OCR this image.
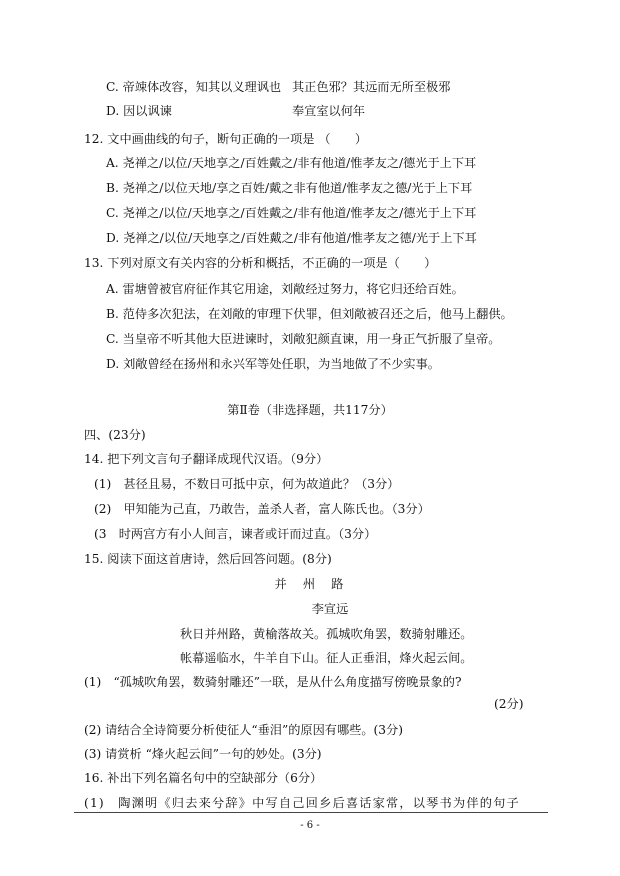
C. 帝竦体改容，知其以义理讽也 其正色邪？其远而无所至极邪
D. 因以讽谏	奉宣室以何年
12. 文中画曲线的句子，断句正确的一项是 （　　）
A. 尧禅之/以位/天地享之/百姓戴之/非有他道/惟孝友之/德光于上下耳
B. 尧禅之/以位天地/享之百姓/戴之非有他道/惟孝友之德/光于上下耳
C. 尧禅之/以位/天地享之/百姓戴之/非有他道/惟孝友之/德光于上下耳
D. 尧禅之/以位/天地享之/百姓戴之/非有他道/惟孝友之德/光于上下耳
13. 下列对原文有关内容的分析和概括，不正确的一项是（　　）
A. 雷塘曾被官府征作其它用途，刘敞经过努力，将它归还给百姓。
B. 范侍多次犯法，在刘敞的审理下伏罪，但刘敞被召还之后，他马上翻供。
C. 当皇帝不听其他大臣进谏时，刘敞犯颜直谏，用一身正气折服了皇帝。
D. 刘敞曾经在扬州和永兴军等处任职，为当地做了不少实事。
第Ⅱ卷（非选择题，共117分）
四、(23分)
14. 把下列文言句子翻译成现代汉语。（9分）
(1)　甚径且易，不数日可抵中京，何为故道此？（3分）
(2)　甲知能为己直，乃敢告，盖杀人者，富人陈氏也。（3分）
(3　时两宫方有小人间言，谏者或讦而过直。（3分）
15. 阅读下面这首唐诗，然后回答问题。(8分)
并　州　路
李宣远
秋日并州路，黄榆落故关。孤城吹角罢，数骑射雕还。
帐幕遥临水，牛羊自下山。征人正垂泪，烽火起云间。
(1)　“孤城吹角罢，数骑射雕还”一联，是从什么角度描写傍晚景象的?
(2分)
(2) 请结合全诗简要分析使征人“垂泪”的原因有哪些。(3分)
(3) 请赏析 “烽火起云间”一句的妙处。(3分)
16. 补出下列名篇名句中的空缺部分（6分）
(1)　陶渊明《归去来兮辞》中写自己回乡后喜话家常，以琴书为伴的句子
- 6 -
